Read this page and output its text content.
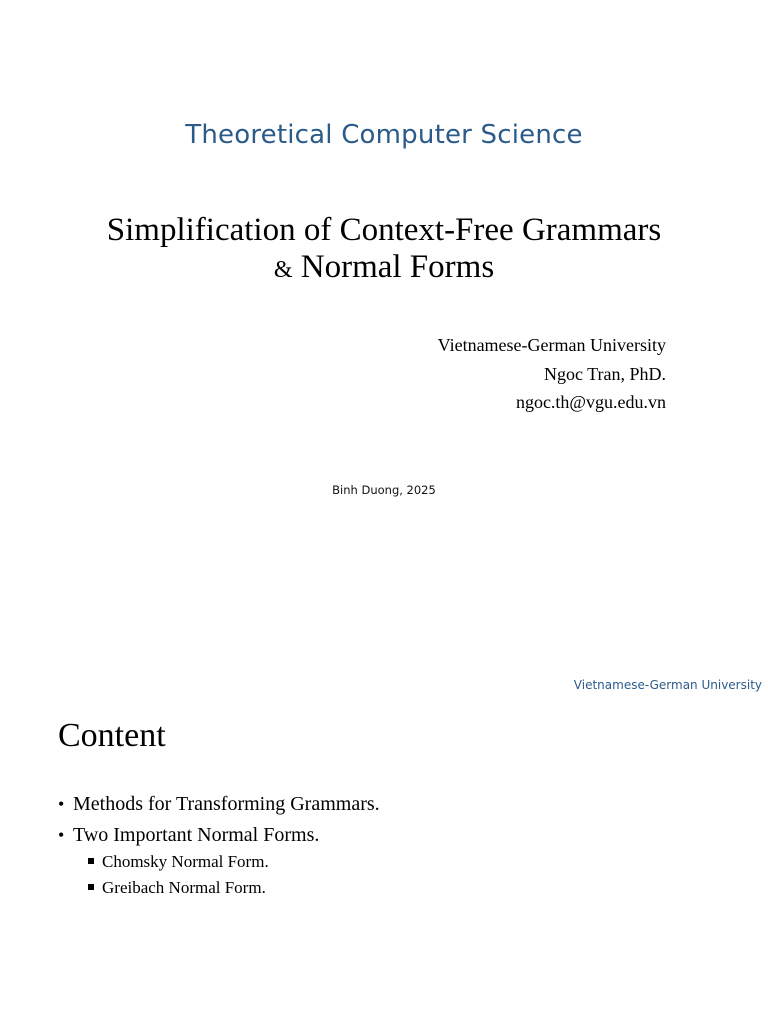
Theoretical Computer Science
Simplification of Context-Free Grammars
& Normal Forms
Vietnamese-German University
Ngoc Tran, PhD.
ngoc.th@vgu.edu.vn
Binh Duong, 2025
Vietnamese-German University
Content
• Methods for Transforming Grammars.
• Two Important Normal Forms.
Chomsky Normal Form.
Greibach Normal Form.
